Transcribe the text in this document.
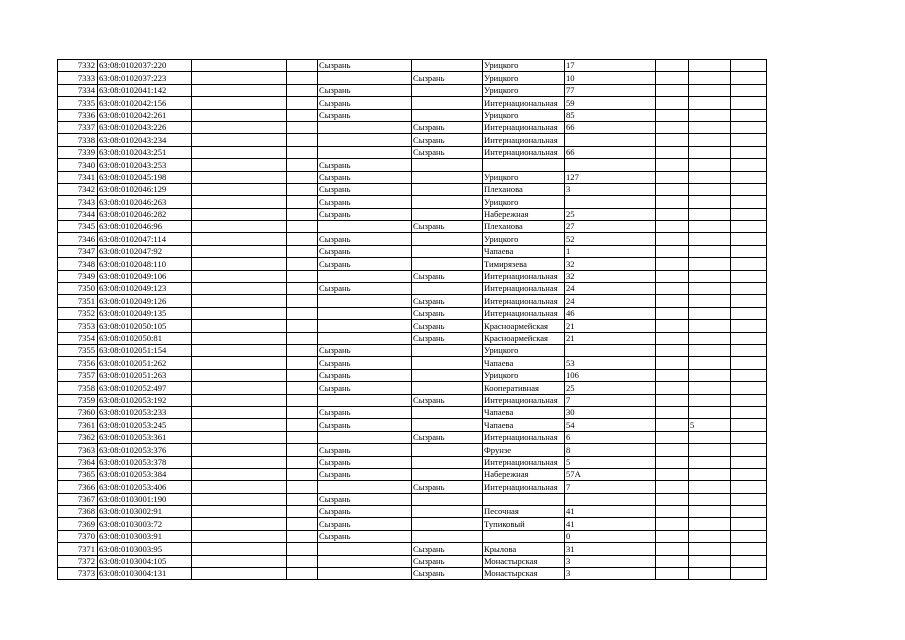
7332	63:08:0102037:220			Сызрань		Урицкого	17			
7333	63:08:0102037:223				Сызрань	Урицкого	10			
7334	63:08:0102041:142			Сызрань		Урицкого	77			
7335	63:08:0102042:156			Сызрань		Интернациональная	59			
7336	63:08:0102042:261			Сызрань		Урицкого	85			
7337	63:08:0102043:226				Сызрань	Интернациональная	66			
7338	63:08:0102043:234				Сызрань	Интернациональная				
7339	63:08:0102043:251				Сызрань	Интернациональная	66			
7340	63:08:0102043:253			Сызрань						
7341	63:08:0102045:198			Сызрань		Урицкого	127			
7342	63:08:0102046:129			Сызрань		Плеханова	3			
7343	63:08:0102046:263			Сызрань		Урицкого				
7344	63:08:0102046:282			Сызрань		Набережная	25			
7345	63:08:0102046:96				Сызрань	Плеханова	27			
7346	63:08:0102047:114			Сызрань		Урицкого	52			
7347	63:08:0102047:92			Сызрань		Чапаева	1			
7348	63:08:0102048:110			Сызрань		Тимирязева	32			
7349	63:08:0102049:106				Сызрань	Интернациональная	32			
7350	63:08:0102049:123			Сызрань		Интернациональная	24			
7351	63:08:0102049:126				Сызрань	Интернациональная	24			
7352	63:08:0102049:135				Сызрань	Интернациональная	46			
7353	63:08:0102050:105				Сызрань	Красноармейская	21			
7354	63:08:0102050:81				Сызрань	Красноармейская	21			
7355	63:08:0102051:154			Сызрань		Урицкого				
7356	63:08:0102051:262			Сызрань		Чапаева	53			
7357	63:08:0102051:263			Сызрань		Урицкого	106			
7358	63:08:0102052:497			Сызрань		Кооперативная	25			
7359	63:08:0102053:192				Сызрань	Интернациональная	7			
7360	63:08:0102053:233			Сызрань		Чапаева	30			
7361	63:08:0102053:245			Сызрань		Чапаева	54		5	
7362	63:08:0102053:361				Сызрань	Интернациональная	6			
7363	63:08:0102053:376			Сызрань		Фрунзе	8			
7364	63:08:0102053:378			Сызрань		Интернациональная	5			
7365	63:08:0102053:384			Сызрань		Набережная	57А			
7366	63:08:0102053:406				Сызрань	Интернациональная	7			
7367	63:08:0103001:190			Сызрань						
7368	63:08:0103002:91			Сызрань		Песочная	41			
7369	63:08:0103003:72			Сызрань		Тупиковый	41			
7370	63:08:0103003:91			Сызрань			0			
7371	63:08:0103003:95				Сызрань	Крылова	31			
7372	63:08:0103004:105				Сызрань	Монастырская	3			
7373	63:08:0103004:131				Сызрань	Монастырская	3			
